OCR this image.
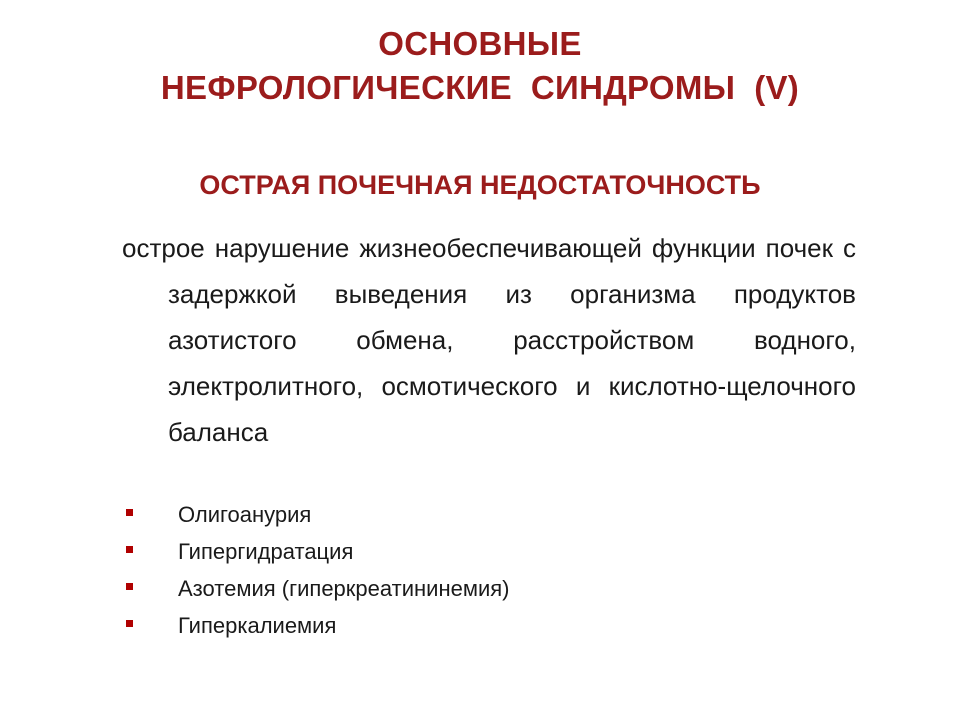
ОСНОВНЫЕ
НЕФРОЛОГИЧЕСКИЕ  СИНДРОМЫ  (V)
ОСТРАЯ ПОЧЕЧНАЯ НЕДОСТАТОЧНОСТЬ
острое нарушение жизнеобеспечивающей функции почек с задержкой выведения из организма продуктов азотистого обмена, расстройством водного, электролитного, осмотического и кислотно-щелочного баланса
Олигоанурия
Гипергидратация
Азотемия (гиперкреатининемия)
Гиперкалиемия
